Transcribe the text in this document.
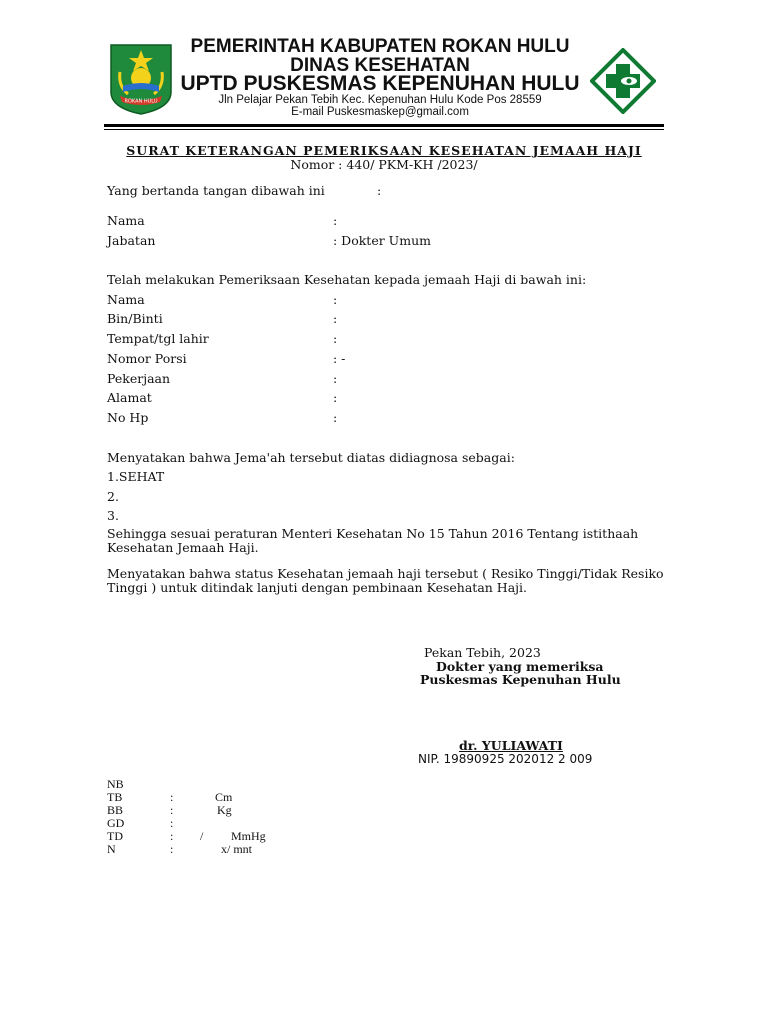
ROKAN HULU
PEMERINTAH KABUPATEN ROKAN HULU
DINAS KESEHATAN
UPTD PUSKESMAS KEPENUHAN HULU
Jln Pelajar Pekan Tebih Kec. Kepenuhan Hulu Kode Pos 28559
E-mail Puskesmaskep@gmail.com
SURAT KETERANGAN PEMERIKSAAN KESEHATAN JEMAAH HAJI
Nomor : 440/ PKM-KH /2023/
Yang bertanda tangan dibawah ini	:
Nama	:
Jabatan	: Dokter Umum
Telah melakukan Pemeriksaan Kesehatan kepada jemaah Haji di bawah ini:
Nama	:
Bin/Binti	:
Tempat/tgl lahir	:
Nomor Porsi	: -
Pekerjaan	:
Alamat	:
No Hp	:
Menyatakan bahwa Jema'ah tersebut diatas didiagnosa sebagai:
1.SEHAT
2.
3.
Sehingga sesuai peraturan Menteri Kesehatan No 15 Tahun 2016 Tentang istithaah Kesehatan Jemaah Haji.
Menyatakan bahwa status Kesehatan jemaah haji tersebut ( Resiko Tinggi/Tidak Resiko Tinggi ) untuk ditindak lanjuti dengan pembinaan Kesehatan Haji.
Pekan Tebih, 2023
Dokter yang memeriksa
Puskesmas Kepenuhan Hulu
dr. YULIAWATI
NIP. 19890925 202012 2 009
NB
TB	:	Cm
BB	:	Kg
GD	:
TD	: / MmHg
N	:	x/ mnt
